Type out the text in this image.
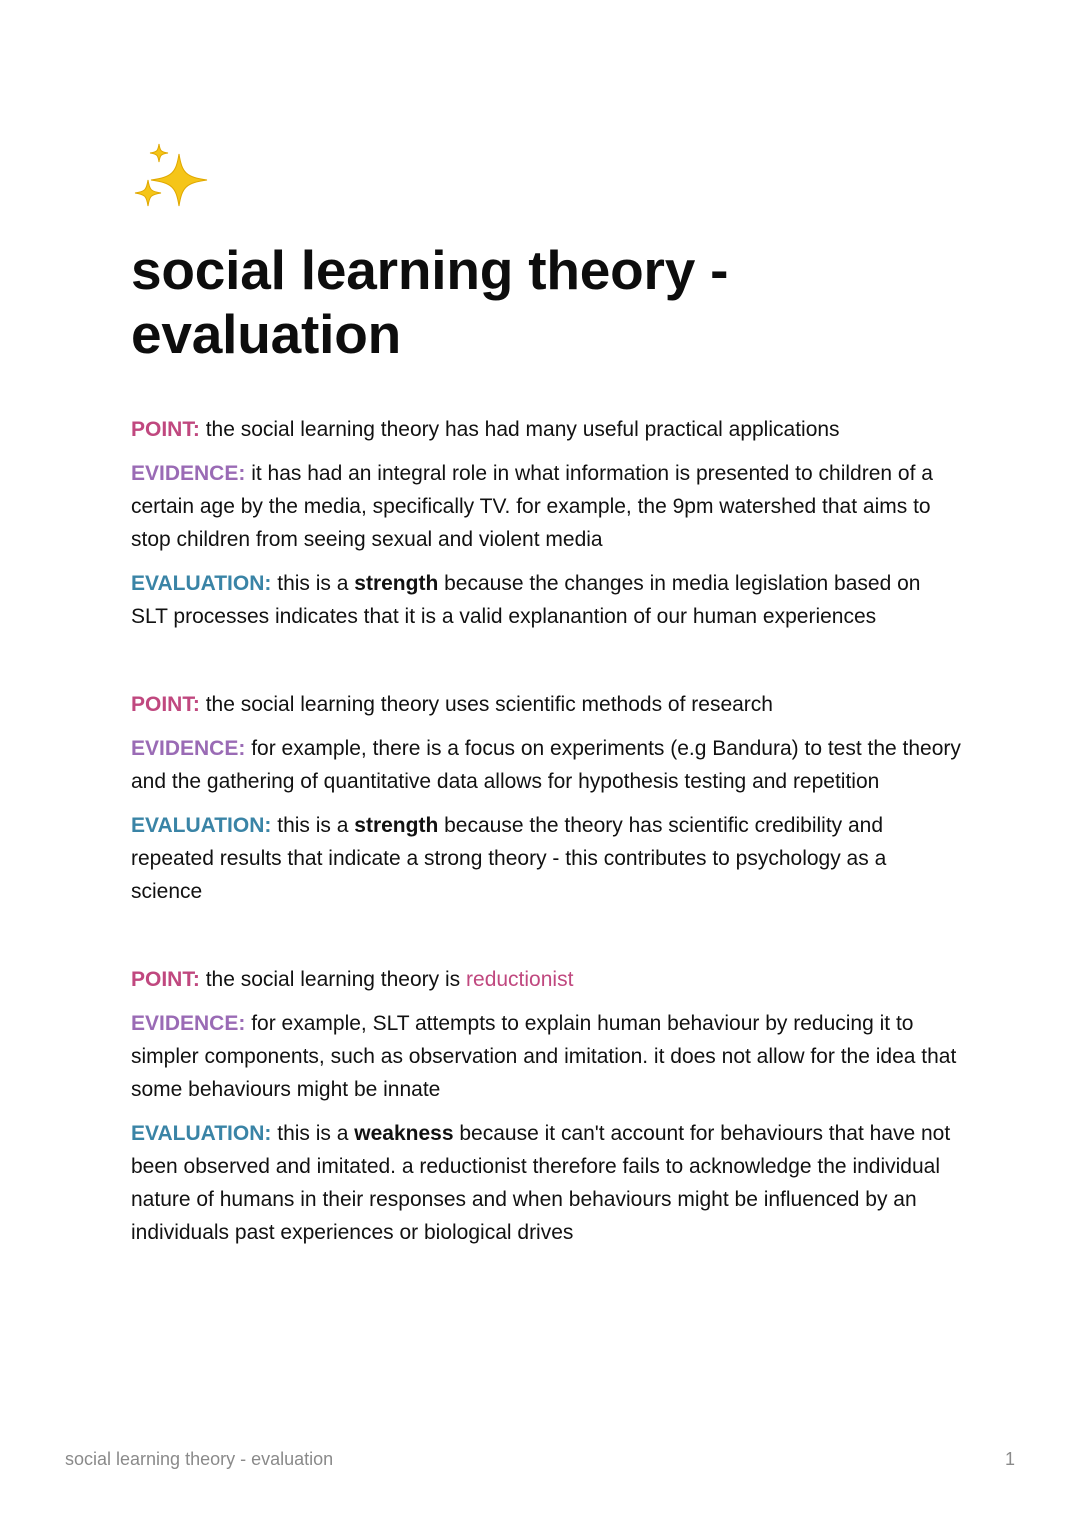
social learning theory - evaluation

POINT: the social learning theory has had many useful practical applications

EVIDENCE: it has had an integral role in what information is presented to children of a certain age by the media, specifically TV. for example, the 9pm watershed that aims to stop children from seeing sexual and violent media

EVALUATION: this is a strength because the changes in media legislation based on SLT processes indicates that it is a valid explanantion of our human experiences

POINT: the social learning theory uses scientific methods of research

EVIDENCE: for example, there is a focus on experiments (e.g Bandura) to test the theory and the gathering of quantitative data allows for hypothesis testing and repetition

EVALUATION: this is a strength because the theory has scientific credibility and repeated results that indicate a strong theory - this contributes to psychology as a science

POINT: the social learning theory is reductionist

EVIDENCE: for example, SLT attempts to explain human behaviour by reducing it to simpler components, such as observation and imitation. it does not allow for the idea that some behaviours might be innate

EVALUATION: this is a weakness because it can't account for behaviours that have not been observed and imitated. a reductionist therefore fails to acknowledge the individual nature of humans in their responses and when behaviours might be influenced by an individuals past experiences or biological drives

social learning theory - evaluation	1
